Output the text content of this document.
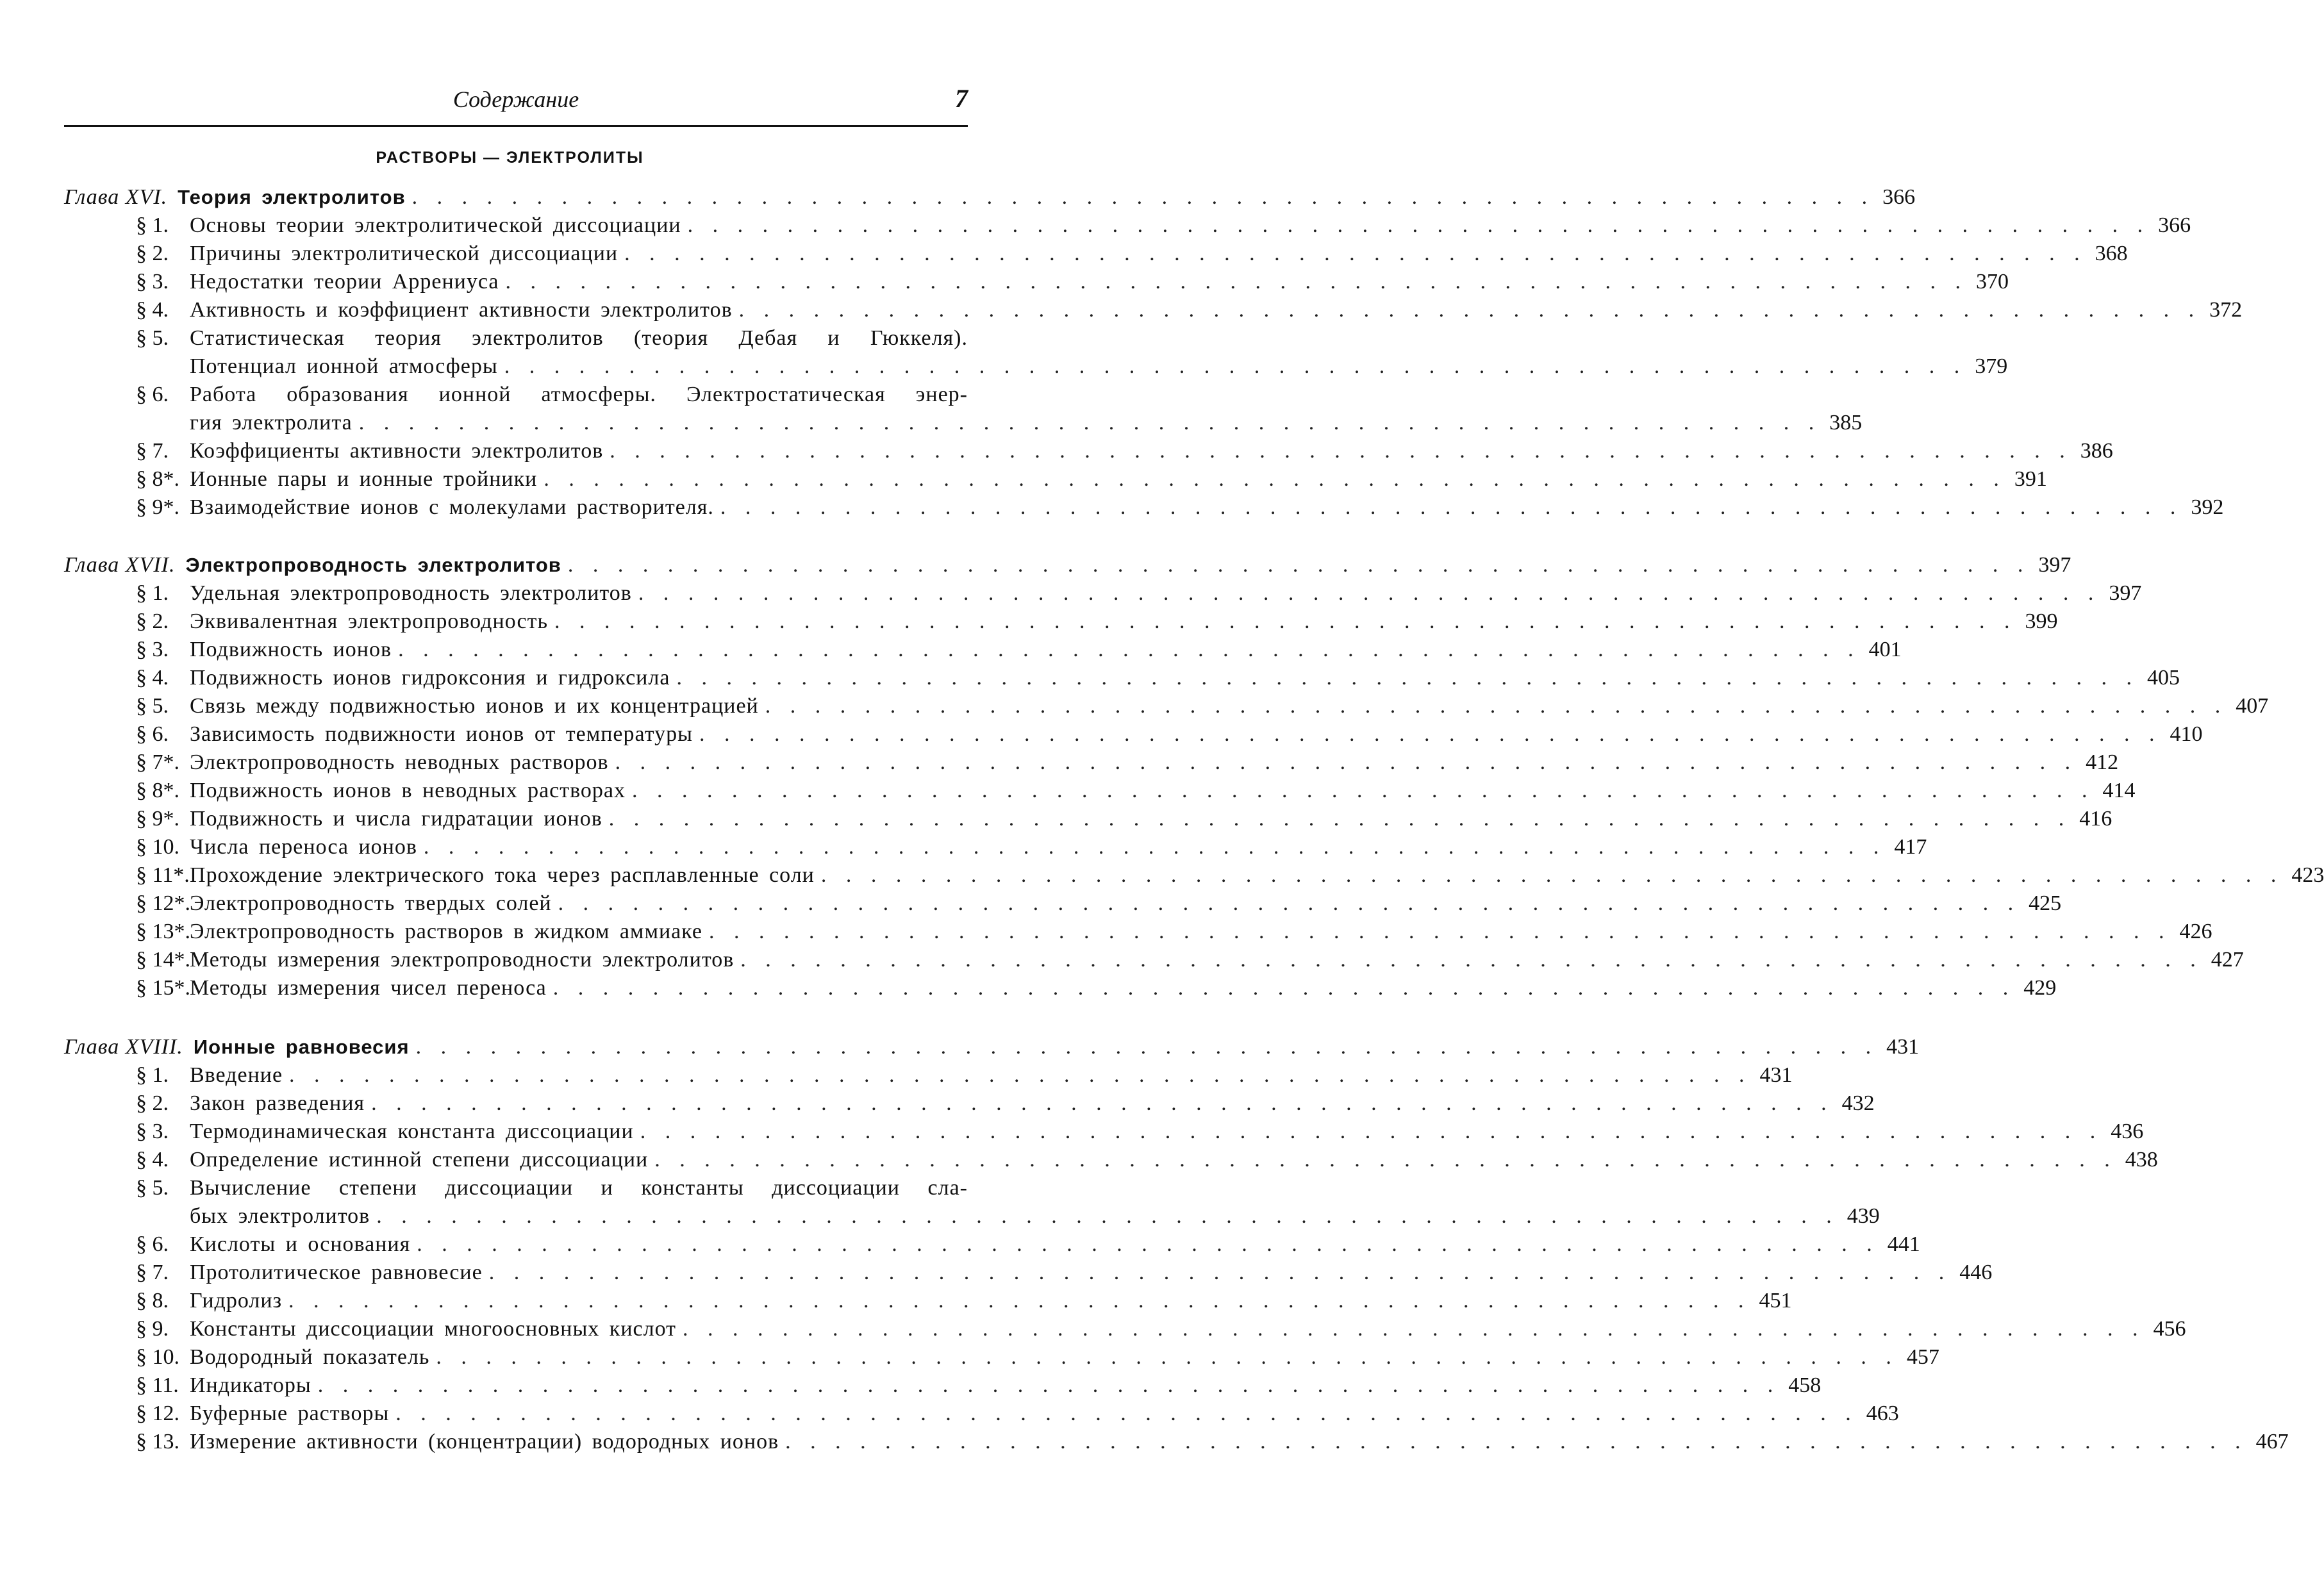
Содержание	7
РАСТВОРЫ — ЭЛЕКТРОЛИТЫ
Глава XVI. Теория электролитов . . . . . . . . . . . . . . . . . . . . . . . . . . . . . . . . . . . . . . . . . . . . . . . . . . . . . . . . . . . 366
§ 1. Основы теории электролитической диссоциации . . . . . . . . . . . . . . . . . . . . . . . . . . . . . . . . . . . . . . . . . . . . . . . . . . . . . . . . . . . 366
§ 2. Причины электролитической диссоциации . . . . . . . . . . . . . . . . . . . . . . . . . . . . . . . . . . . . . . . . . . . . . . . . . . . . . . . . . . . 368
§ 3. Недостатки теории Аррениуса . . . . . . . . . . . . . . . . . . . . . . . . . . . . . . . . . . . . . . . . . . . . . . . . . . . . . . . . . . . 370
§ 4. Активность и коэффициент активности электролитов . . . . . . . . . . . . . . . . . . . . . . . . . . . . . . . . . . . . . . . . . . . . . . . . . . . . . . . . . . . 372
§ 5. Статистическая теория электролитов (теория Дебая и Гюккеля).
Потенциал ионной атмосферы . . . . . . . . . . . . . . . . . . . . . . . . . . . . . . . . . . . . . . . . . . . . . . . . . . . . . . . . . . . 379
§ 6. Работа образования ионной атмосферы. Электростатическая энер-
гия электролита . . . . . . . . . . . . . . . . . . . . . . . . . . . . . . . . . . . . . . . . . . . . . . . . . . . . . . . . . . . 385
§ 7. Коэффициенты активности электролитов . . . . . . . . . . . . . . . . . . . . . . . . . . . . . . . . . . . . . . . . . . . . . . . . . . . . . . . . . . . 386
§ 8*. Ионные пары и ионные тройники . . . . . . . . . . . . . . . . . . . . . . . . . . . . . . . . . . . . . . . . . . . . . . . . . . . . . . . . . . . 391
§ 9*. Взаимодействие ионов с молекулами растворителя. . . . . . . . . . . . . . . . . . . . . . . . . . . . . . . . . . . . . . . . . . . . . . . . . . . . . . . . . . . . 392
Глава XVII. Электропроводность электролитов . . . . . . . . . . . . . . . . . . . . . . . . . . . . . . . . . . . . . . . . . . . . . . . . . . . . . . . . . . . 397
§ 1. Удельная электропроводность электролитов . . . . . . . . . . . . . . . . . . . . . . . . . . . . . . . . . . . . . . . . . . . . . . . . . . . . . . . . . . . 397
§ 2. Эквивалентная электропроводность . . . . . . . . . . . . . . . . . . . . . . . . . . . . . . . . . . . . . . . . . . . . . . . . . . . . . . . . . . . 399
§ 3. Подвижность ионов . . . . . . . . . . . . . . . . . . . . . . . . . . . . . . . . . . . . . . . . . . . . . . . . . . . . . . . . . . . 401
§ 4. Подвижность ионов гидроксония и гидроксила . . . . . . . . . . . . . . . . . . . . . . . . . . . . . . . . . . . . . . . . . . . . . . . . . . . . . . . . . . . 405
§ 5. Связь между подвижностью ионов и их концентрацией . . . . . . . . . . . . . . . . . . . . . . . . . . . . . . . . . . . . . . . . . . . . . . . . . . . . . . . . . . . 407
§ 6. Зависимость подвижности ионов от температуры . . . . . . . . . . . . . . . . . . . . . . . . . . . . . . . . . . . . . . . . . . . . . . . . . . . . . . . . . . . 410
§ 7*. Электропроводность неводных растворов . . . . . . . . . . . . . . . . . . . . . . . . . . . . . . . . . . . . . . . . . . . . . . . . . . . . . . . . . . . 412
§ 8*. Подвижность ионов в неводных растворах . . . . . . . . . . . . . . . . . . . . . . . . . . . . . . . . . . . . . . . . . . . . . . . . . . . . . . . . . . . 414
§ 9*. Подвижность и числа гидратации ионов . . . . . . . . . . . . . . . . . . . . . . . . . . . . . . . . . . . . . . . . . . . . . . . . . . . . . . . . . . . 416
§ 10. Числа переноса ионов . . . . . . . . . . . . . . . . . . . . . . . . . . . . . . . . . . . . . . . . . . . . . . . . . . . . . . . . . . . 417
§ 11*. Прохождение электрического тока через расплавленные соли . . . . . . . . . . . . . . . . . . . . . . . . . . . . . . . . . . . . . . . . . . . . . . . . . . . . . . . . . . . 423
§ 12*. Электропроводность твердых солей . . . . . . . . . . . . . . . . . . . . . . . . . . . . . . . . . . . . . . . . . . . . . . . . . . . . . . . . . . . 425
§ 13*. Электропроводность растворов в жидком аммиаке . . . . . . . . . . . . . . . . . . . . . . . . . . . . . . . . . . . . . . . . . . . . . . . . . . . . . . . . . . . 426
§ 14*. Методы измерения электропроводности электролитов . . . . . . . . . . . . . . . . . . . . . . . . . . . . . . . . . . . . . . . . . . . . . . . . . . . . . . . . . . . 427
§ 15*. Методы измерения чисел переноса . . . . . . . . . . . . . . . . . . . . . . . . . . . . . . . . . . . . . . . . . . . . . . . . . . . . . . . . . . . 429
Глава XVIII. Ионные равновесия . . . . . . . . . . . . . . . . . . . . . . . . . . . . . . . . . . . . . . . . . . . . . . . . . . . . . . . . . . . 431
§ 1. Введение . . . . . . . . . . . . . . . . . . . . . . . . . . . . . . . . . . . . . . . . . . . . . . . . . . . . . . . . . . . 431
§ 2. Закон разведения . . . . . . . . . . . . . . . . . . . . . . . . . . . . . . . . . . . . . . . . . . . . . . . . . . . . . . . . . . . 432
§ 3. Термодинамическая константа диссоциации . . . . . . . . . . . . . . . . . . . . . . . . . . . . . . . . . . . . . . . . . . . . . . . . . . . . . . . . . . . 436
§ 4. Определение истинной степени диссоциации . . . . . . . . . . . . . . . . . . . . . . . . . . . . . . . . . . . . . . . . . . . . . . . . . . . . . . . . . . . 438
§ 5. Вычисление степени диссоциации и константы диссоциации сла-
бых электролитов . . . . . . . . . . . . . . . . . . . . . . . . . . . . . . . . . . . . . . . . . . . . . . . . . . . . . . . . . . . 439
§ 6. Кислоты и основания . . . . . . . . . . . . . . . . . . . . . . . . . . . . . . . . . . . . . . . . . . . . . . . . . . . . . . . . . . . 441
§ 7. Протолитическое равновесие . . . . . . . . . . . . . . . . . . . . . . . . . . . . . . . . . . . . . . . . . . . . . . . . . . . . . . . . . . . 446
§ 8. Гидролиз . . . . . . . . . . . . . . . . . . . . . . . . . . . . . . . . . . . . . . . . . . . . . . . . . . . . . . . . . . . 451
§ 9. Константы диссоциации многоосновных кислот . . . . . . . . . . . . . . . . . . . . . . . . . . . . . . . . . . . . . . . . . . . . . . . . . . . . . . . . . . . 456
§ 10. Водородный показатель . . . . . . . . . . . . . . . . . . . . . . . . . . . . . . . . . . . . . . . . . . . . . . . . . . . . . . . . . . . 457
§ 11. Индикаторы . . . . . . . . . . . . . . . . . . . . . . . . . . . . . . . . . . . . . . . . . . . . . . . . . . . . . . . . . . . 458
§ 12. Буферные растворы . . . . . . . . . . . . . . . . . . . . . . . . . . . . . . . . . . . . . . . . . . . . . . . . . . . . . . . . . . . 463
§ 13. Измерение активности (концентрации) водородных ионов . . . . . . . . . . . . . . . . . . . . . . . . . . . . . . . . . . . . . . . . . . . . . . . . . . . . . . . . . . . 467
